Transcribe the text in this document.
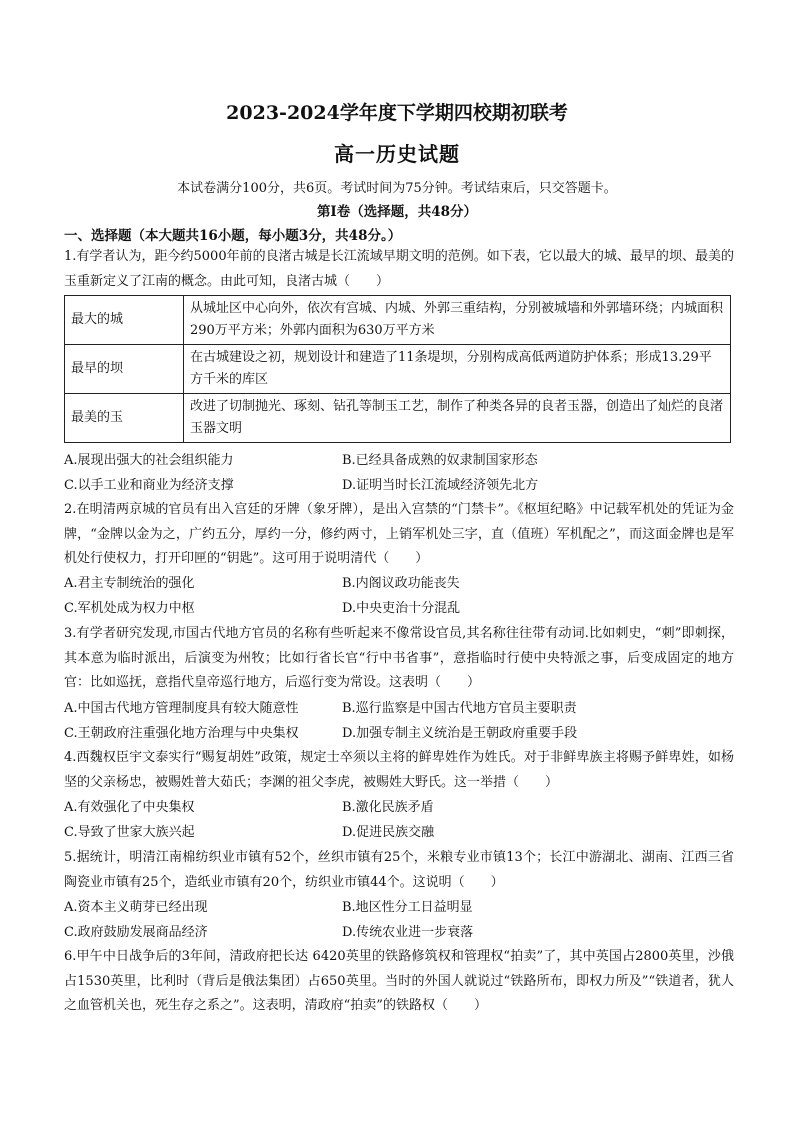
2023-2024学年度下学期四校期初联考
高一历史试题
本试卷满分100分，共6页。考试时间为75分钟。考试结束后，只交答题卡。
第Ⅰ卷（选择题，共48分）
一、选择题（本大题共16小题，每小题3分，共48分。）
1.有学者认为，距今约5000年前的良渚古城是长江流域早期文明的范例。如下表，它以最大的城、最早的坝、最美的玉重新定义了江南的概念。由此可知，良渚古城（　　）
最大的城	从城址区中心向外，依次有宫城、内城、外郭三重结构，分别被城墙和外郭墙环绕；内城面积290万平方米；外郭内面积为630万平方米
最早的坝	在古城建设之初，规划设计和建造了11条堤坝，分别构成高低两道防护体系；形成13.29平方千米的库区
最美的玉	改进了切制抛光、琢刻、钻孔等制玉工艺，制作了种类各异的良者玉器，创造出了灿烂的良渚玉器文明
A.展现出强大的社会组织能力	B.已经具备成熟的奴隶制国家形态
C.以手工业和商业为经济支撑	D.证明当时长江流域经济领先北方
2.在明清两京城的官员有出入宫廷的牙牌（象牙牌），是出入宫禁的“门禁卡”。《枢垣纪略》中记载军机处的凭证为金牌，“金牌以金为之，广约五分，厚约一分，修约两寸，上销军机处三字，直（值班）军机配之”，而这面金牌也是军机处行使权力，打开印匣的“钥匙”。这可用于说明清代（　　）
A.君主专制统治的强化	B.内阁议政功能丧失
C.军机处成为权力中枢	D.中央吏治十分混乱
3.有学者研究发现,市国古代地方官员的名称有些听起来不像常设官员,其名称往往带有动词.比如刺史，“刺”即刺探，其本意为临时派出，后演变为州牧；比如行省长官“行中书省事”，意指临时行使中央特派之事，后变成固定的地方官：比如巡抚，意指代皇帝巡行地方，后巡行变为常设。这表明（　　）
A.中国古代地方管理制度具有较大随意性	B.巡行监察是中国古代地方官员主要职责
C.王朝政府注重强化地方治理与中央集权	D.加强专制主义统治是王朝政府重要手段
4.西魏权臣宇文泰实行“赐复胡姓”政策，规定士卒须以主将的鲜卑姓作为姓氏。对于非鲜卑族主将赐予鲜卑姓，如杨坚的父亲杨忠，被赐姓普大茹氏；李渊的祖父李虎，被赐姓大野氏。这一举措（　　）
A.有效强化了中央集权	B.激化民族矛盾
C.导致了世家大族兴起	D.促进民族交融
5.据统计，明清江南棉纺织业市镇有52个，丝织市镇有25个，米粮专业市镇13个；长江中游湖北、湖南、江西三省陶瓷业市镇有25个，造纸业市镇有20个，纺织业市镇44个。这说明（　　）
A.资本主义萌芽已经出现	B.地区性分工日益明显
C.政府鼓励发展商品经济	D.传统农业进一步衰落
6.甲午中日战争后的3年间，清政府把长达 6420英里的铁路修筑权和管理权“拍卖”了，其中英国占2800英里，沙俄占1530英里，比利时（背后是俄法集团）占650英里。当时的外国人就说过“铁路所布，即权力所及”“铁道者，犹人之血管机关也，死生存之系之”。这表明，清政府“拍卖”的铁路权（　　）
